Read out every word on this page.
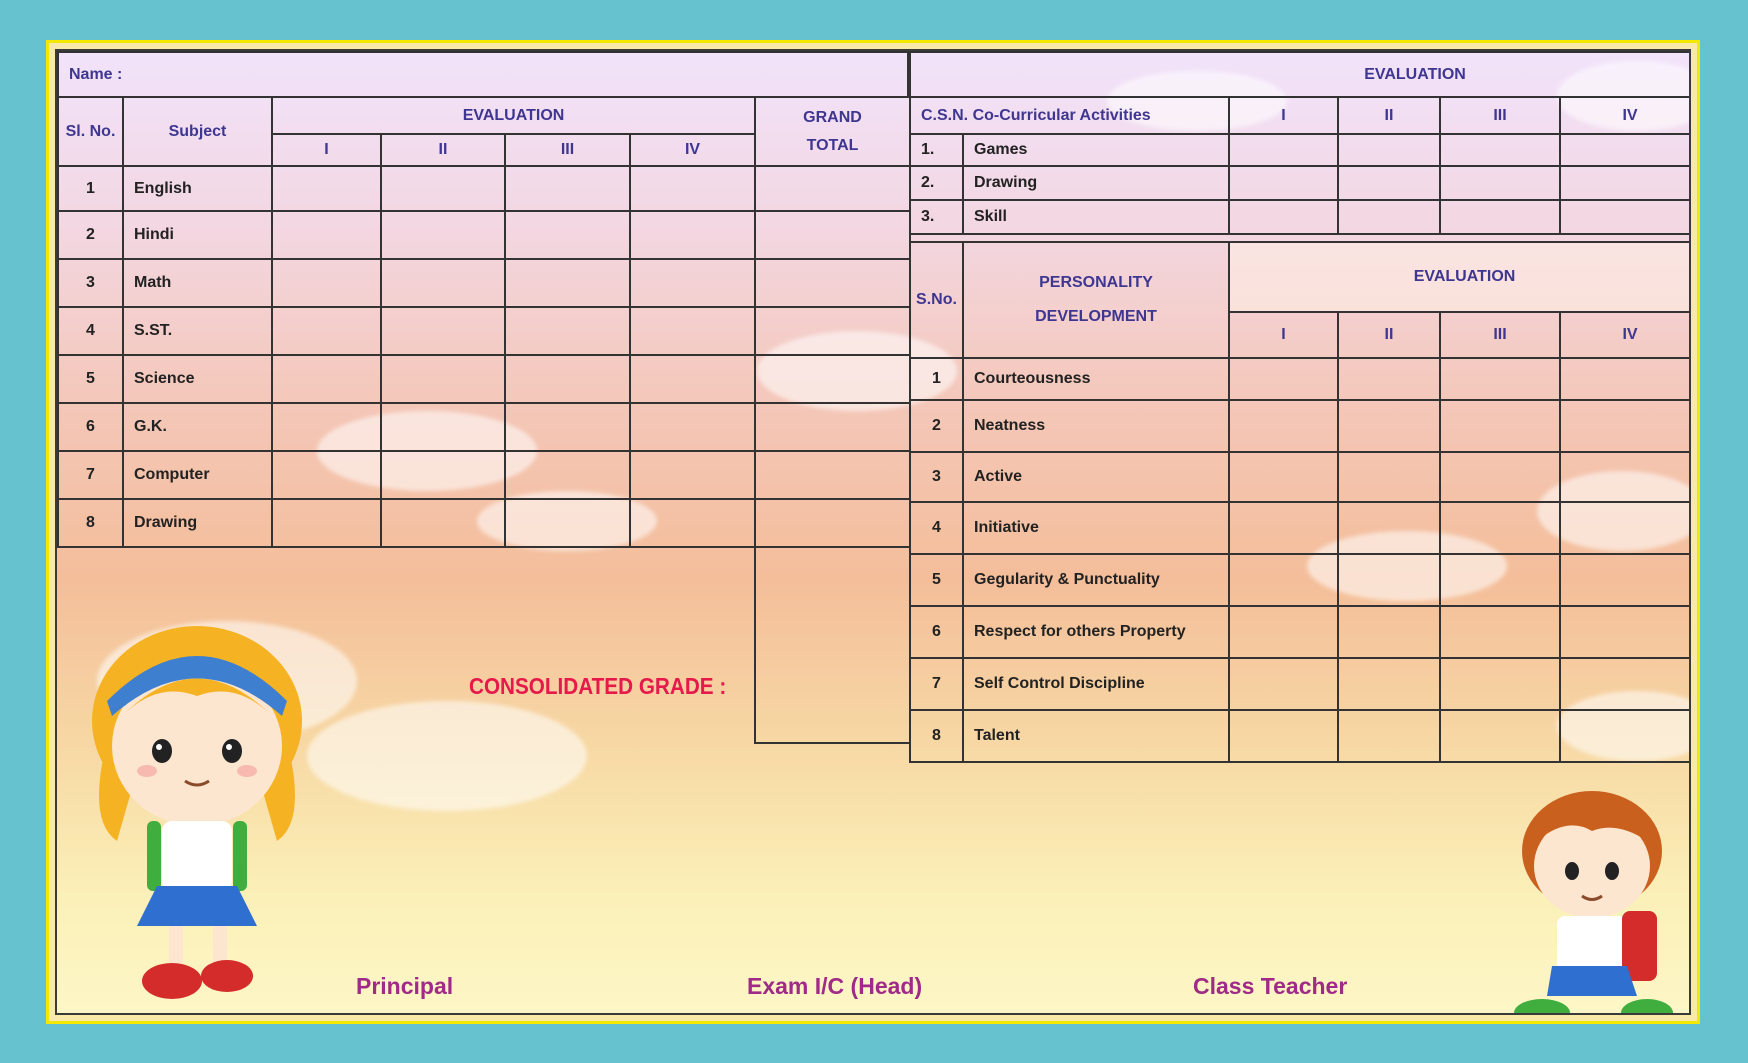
Name :
Sl. No.	Subject	EVALUATION				GRAND TOTAL
		I	II	III	IV	
1	English					
2	Hindi					
3	Math					
4	S.ST.					
5	Science					
6	G.K.					
7	Computer					
8	Drawing					

CONSOLIDATED GRADE :
EVALUATION					
C.S.N. Co-Curricular Activities		I	II	III	IV
1.	Games				
2.	Drawing				
3.	Skill				
S.No.	PERSONALITY DEVELOPMENT	EVALUATION			
		I	II	III	IV
1	Courteousness				
2	Neatness				
3	Active				
4	Initiative				
5	Gegularity & Punctuality				
6	Respect for others Property				
7	Self Control Discipline				
8	Talent				
Principal	Exam I/C (Head)	Class Teacher
